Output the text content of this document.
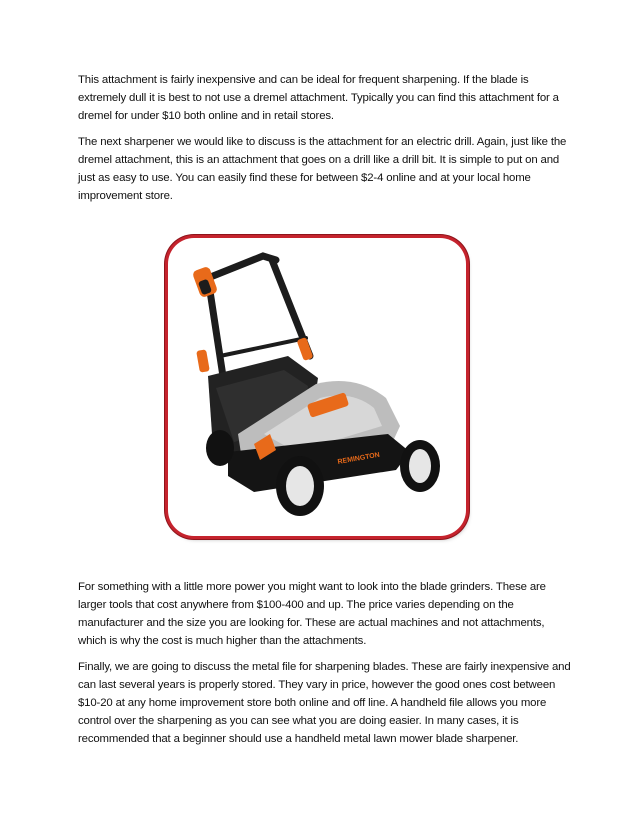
This attachment is fairly inexpensive and can be ideal for frequent sharpening. If the blade is extremely dull it is best to not use a dremel attachment. Typically you can find this attachment for a dremel for under $10 both online and in retail stores.

The next sharpener we would like to discuss is the attachment for an electric drill. Again, just like the dremel attachment, this is an attachment that goes on a drill like a drill bit. It is simple to put on and just as easy to use. You can easily find these for between $2-4 online and at your local home improvement store.

REMINGTON

For something with a little more power you might want to look into the blade grinders. These are larger tools that cost anywhere from $100-400 and up. The price varies depending on the manufacturer and the size you are looking for. These are actual machines and not attachments, which is why the cost is much higher than the attachments.

Finally, we are going to discuss the metal file for sharpening blades. These are fairly inexpensive and can last several years is properly stored. They vary in price, however the good ones cost between $10-20 at any home improvement store both online and off line. A handheld file allows you more control over the sharpening as you can see what you are doing easier. In many cases, it is recommended that a beginner should use a handheld metal lawn mower blade sharpener.
